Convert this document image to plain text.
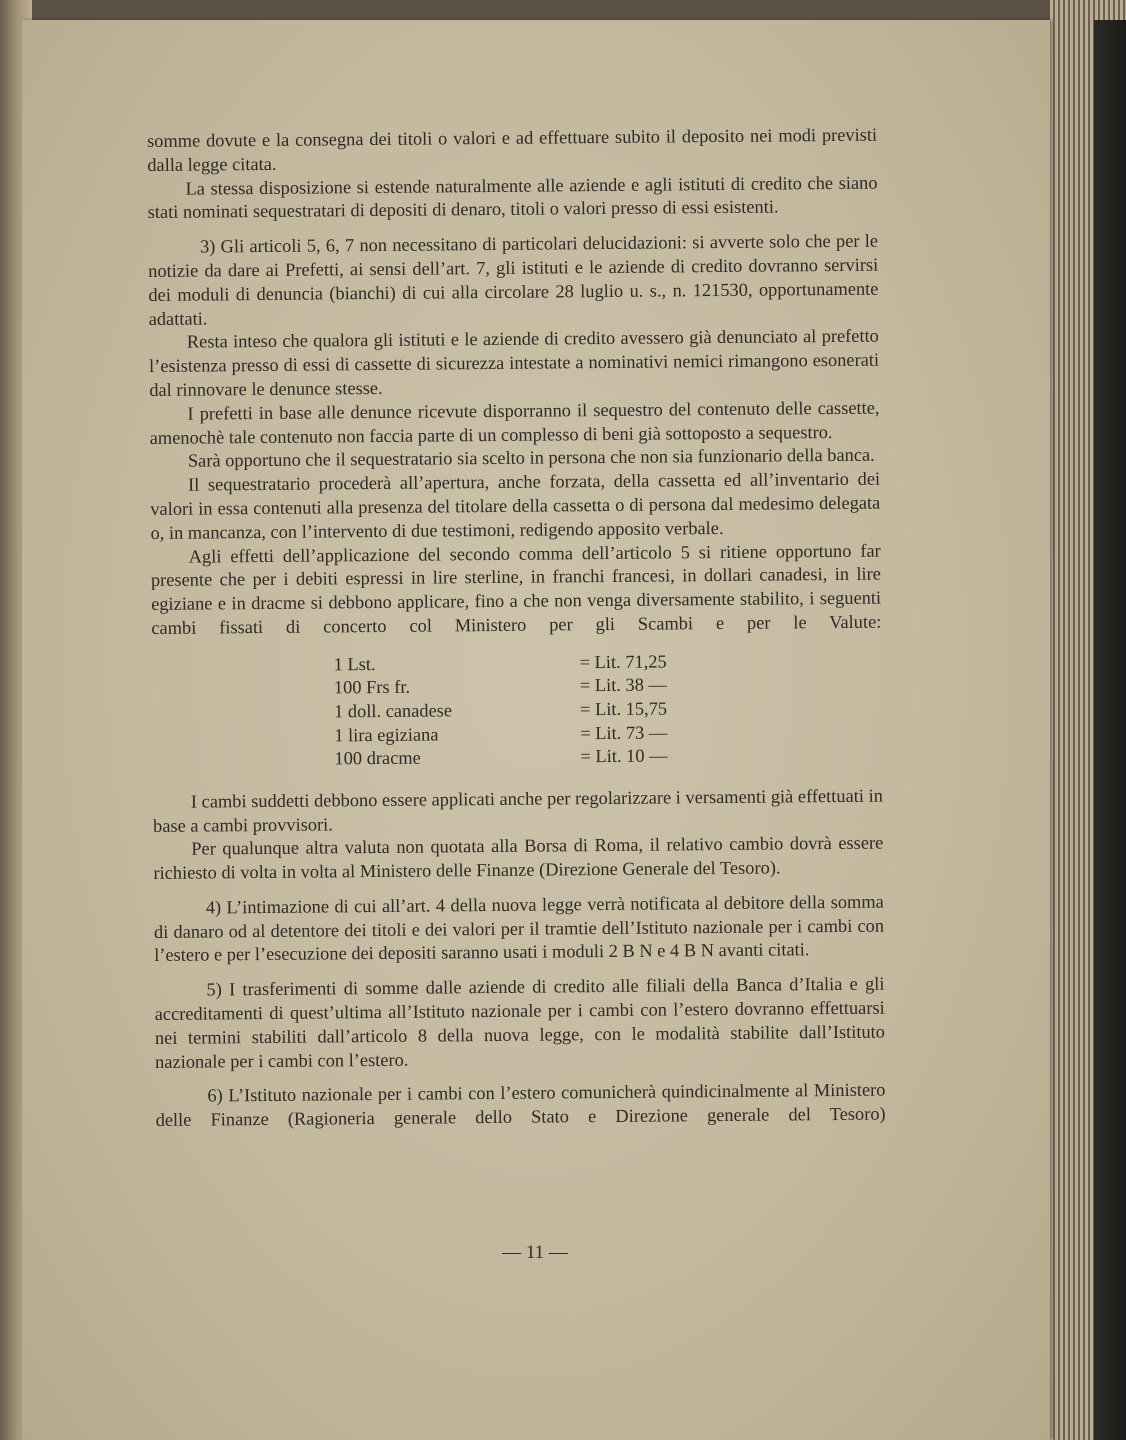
somme dovute e la consegna dei titoli o valori e ad effettuare subito il deposito nei modi previsti dalla legge citata.

La stessa disposizione si estende naturalmente alle aziende e agli istituti di credito che siano stati nominati sequestratari di depositi di denaro, titoli o valori presso di essi esistenti.

3) Gli articoli 5, 6, 7 non necessitano di particolari delucidazioni: si avverte solo che per le notizie da dare ai Prefetti, ai sensi dell’art. 7, gli istituti e le aziende di credito dovranno servirsi dei moduli di denuncia (bianchi) di cui alla circolare 28 luglio u. s., n. 121530, opportunamente adattati.

Resta inteso che qualora gli istituti e le aziende di credito avessero già denunciato al prefetto l’esistenza presso di essi di cassette di sicurezza intestate a nominativi nemici rimangono esonerati dal rinnovare le denunce stesse.

I prefetti in base alle denunce ricevute disporranno il sequestro del contenuto delle cassette, amenochè tale contenuto non faccia parte di un complesso di beni già sottoposto a sequestro.

Sarà opportuno che il sequestratario sia scelto in persona che non sia funzionario della banca.

Il sequestratario procederà all’apertura, anche forzata, della cassetta ed all’inventario dei valori in essa contenuti alla presenza del titolare della cassetta o di persona dal medesimo delegata o, in mancanza, con l’intervento di due testimoni, redigendo apposito verbale.

Agli effetti dell’applicazione del secondo comma dell’articolo 5 si ritiene opportuno far presente che per i debiti espressi in lire sterline, in franchi francesi, in dollari canadesi, in lire egiziane e in dracme si debbono applicare, fino a che non venga diversamente stabilito, i seguenti cambi fissati di concerto col Ministero per gli Scambi e per le Valute:

1 Lst.	= Lit. 71,25
100 Frs fr.	= Lit. 38 —
1 doll. canadese	= Lit. 15,75
1 lira egiziana	= Lit. 73 —
100 dracme	= Lit. 10 —

I cambi suddetti debbono essere applicati anche per regolarizzare i versamenti già effettuati in base a cambi provvisori.

Per qualunque altra valuta non quotata alla Borsa di Roma, il relativo cambio dovrà essere richiesto di volta in volta al Ministero delle Finanze (Direzione Generale del Tesoro).

4) L’intimazione di cui all’art. 4 della nuova legge verrà notificata al debitore della somma di danaro od al detentore dei titoli e dei valori per il tramtie dell’Istituto nazionale per i cambi con l’estero e per l’esecuzione dei depositi saranno usati i moduli 2 B N e 4 B N avanti citati.

5) I trasferimenti di somme dalle aziende di credito alle filiali della Banca d’Italia e gli accreditamenti di quest’ultima all’Istituto nazionale per i cambi con l’estero dovranno effettuarsi nei termini stabiliti dall’articolo 8 della nuova legge, con le modalità stabilite dall’Istituto nazionale per i cambi con l’estero.

6) L’Istituto nazionale per i cambi con l’estero comunicherà quindicinalmente al Ministero delle Finanze (Ragioneria generale dello Stato e Direzione generale del Tesoro)

— 11 —
